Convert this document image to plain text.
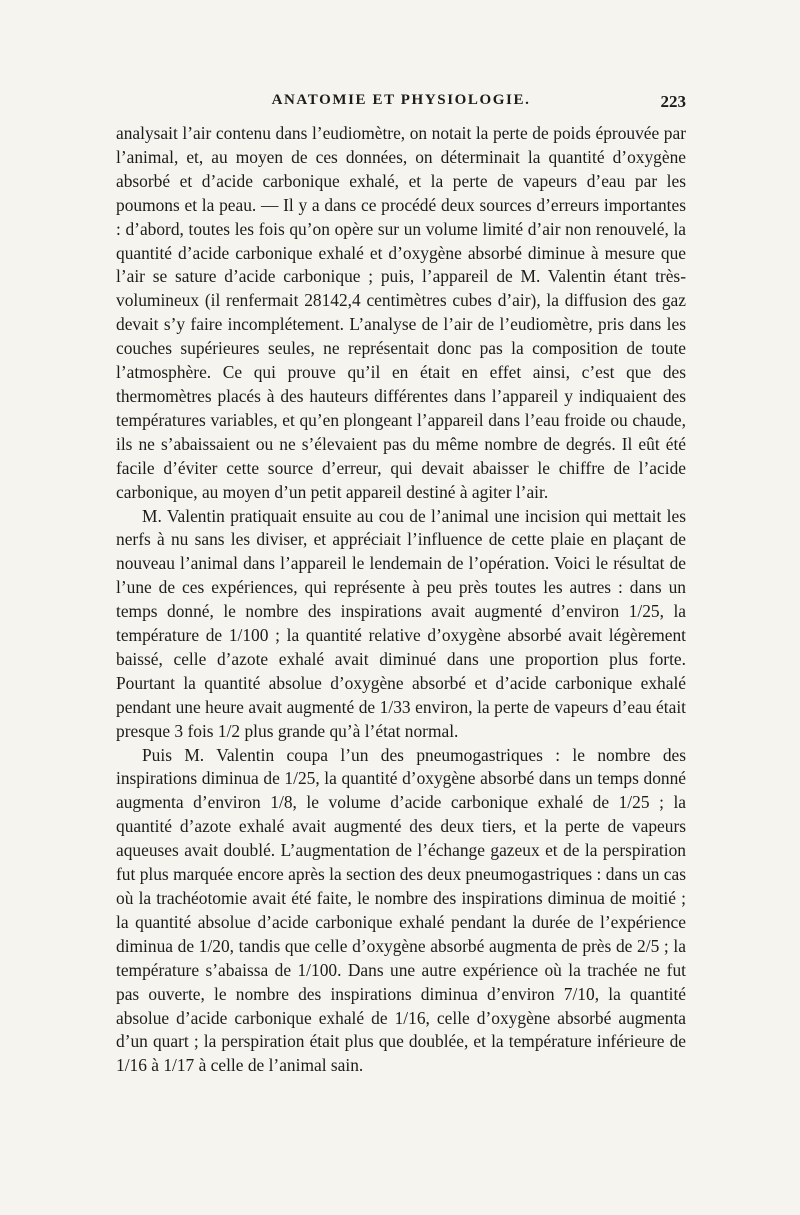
ANATOMIE ET PHYSIOLOGIE.	223

analysait l’air contenu dans l’eudiomètre, on notait la perte de poids éprouvée par l’animal, et, au moyen de ces données, on déterminait la quantité d’oxygène absorbé et d’acide carbonique exhalé, et la perte de vapeurs d’eau par les poumons et la peau. — Il y a dans ce procédé deux sources d’erreurs importantes : d’abord, toutes les fois qu’on opère sur un volume limité d’air non renouvelé, la quantité d’acide carbonique exhalé et d’oxygène absorbé diminue à mesure que l’air se sature d’acide carbonique ; puis, l’appareil de M. Valentin étant très-volumineux (il renfermait 28142,4 centimètres cubes d’air), la diffusion des gaz devait s’y faire incomplétement. L’analyse de l’air de l’eudiomètre, pris dans les couches supérieures seules, ne représentait donc pas la composition de toute l’atmosphère. Ce qui prouve qu’il en était en effet ainsi, c’est que des thermomètres placés à des hauteurs différentes dans l’appareil y indiquaient des températures variables, et qu’en plongeant l’appareil dans l’eau froide ou chaude, ils ne s’abaissaient ou ne s’élevaient pas du même nombre de degrés. Il eût été facile d’éviter cette source d’erreur, qui devait abaisser le chiffre de l’acide carbonique, au moyen d’un petit appareil destiné à agiter l’air.

M. Valentin pratiquait ensuite au cou de l’animal une incision qui mettait les nerfs à nu sans les diviser, et appréciait l’influence de cette plaie en plaçant de nouveau l’animal dans l’appareil le lendemain de l’opération. Voici le résultat de l’une de ces expériences, qui représente à peu près toutes les autres : dans un temps donné, le nombre des inspirations avait augmenté d’environ 1/25, la température de 1/100 ; la quantité relative d’oxygène absorbé avait légèrement baissé, celle d’azote exhalé avait diminué dans une proportion plus forte. Pourtant la quantité absolue d’oxygène absorbé et d’acide carbonique exhalé pendant une heure avait augmenté de 1/33 environ, la perte de vapeurs d’eau était presque 3 fois 1/2 plus grande qu’à l’état normal.

Puis M. Valentin coupa l’un des pneumogastriques : le nombre des inspirations diminua de 1/25, la quantité d’oxygène absorbé dans un temps donné augmenta d’environ 1/8, le volume d’acide carbonique exhalé de 1/25 ; la quantité d’azote exhalé avait augmenté des deux tiers, et la perte de vapeurs aqueuses avait doublé. L’augmentation de l’échange gazeux et de la perspiration fut plus marquée encore après la section des deux pneumogastriques : dans un cas où la trachéotomie avait été faite, le nombre des inspirations diminua de moitié ; la quantité absolue d’acide carbonique exhalé pendant la durée de l’expérience diminua de 1/20, tandis que celle d’oxygène absorbé augmenta de près de 2/5 ; la température s’abaissa de 1/100. Dans une autre expérience où la trachée ne fut pas ouverte, le nombre des inspirations diminua d’environ 7/10, la quantité absolue d’acide carbonique exhalé de 1/16, celle d’oxygène absorbé augmenta d’un quart ; la perspiration était plus que doublée, et la température inférieure de 1/16 à 1/17 à celle de l’animal sain.
